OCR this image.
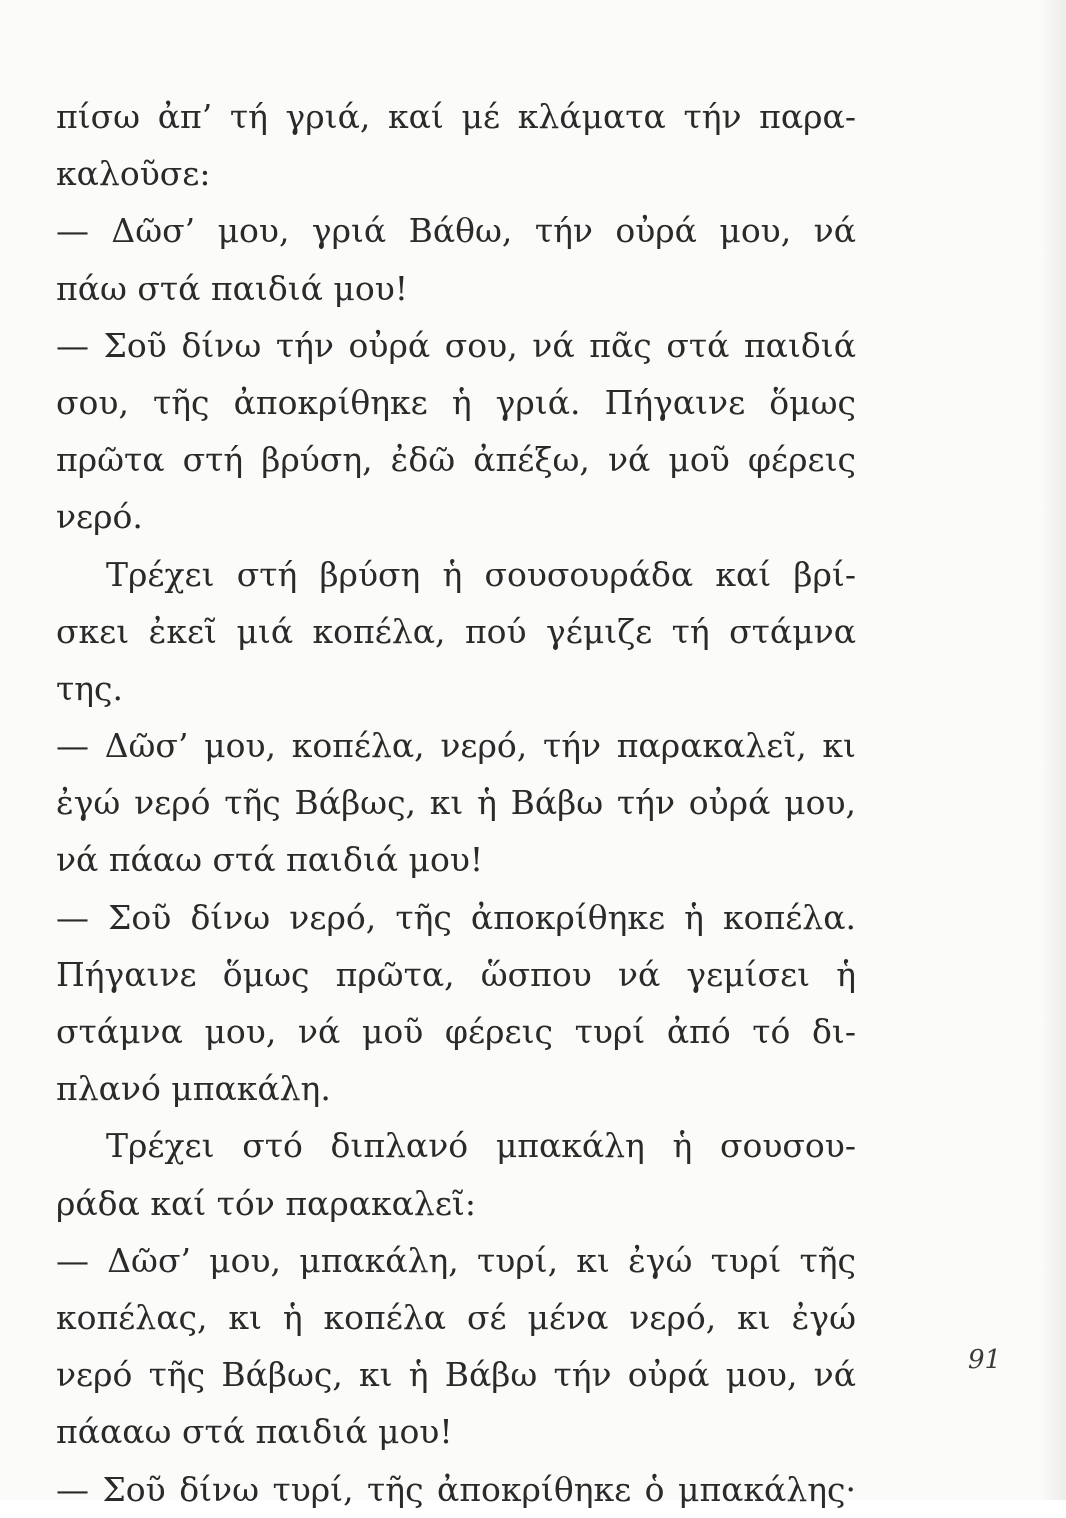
πίσω ἀπ’ τή γριά, καί μέ κλάματα τήν παρα-
καλοῦσε:
— Δῶσ’ μου, γριά Βάθω, τήν οὐρά μου, νά
πάω στά παιδιά μου!
— Σοῦ δίνω τήν οὐρά σου, νά πᾶς στά παιδιά
σου, τῆς ἀποκρίθηκε ἡ γριά. Πήγαινε ὅμως
πρῶτα στή βρύση, ἐδῶ ἀπέξω, νά μοῦ φέρεις
νερό.
Τρέχει στή βρύση ἡ σουσουράδα καί βρί-
σκει ἐκεῖ μιά κοπέλα, πού γέμιζε τή στάμνα
της.
— Δῶσ’ μου, κοπέλα, νερό, τήν παρακαλεῖ, κι
ἐγώ νερό τῆς Βάβως, κι ἡ Βάβω τήν οὐρά μου,
νά πάαω στά παιδιά μου!
— Σοῦ δίνω νερό, τῆς ἀποκρίθηκε ἡ κοπέλα.
Πήγαινε ὅμως πρῶτα, ὥσπου νά γεμίσει ἡ
στάμνα μου, νά μοῦ φέρεις τυρί ἀπό τό δι-
πλανό μπακάλη.
Τρέχει στό διπλανό μπακάλη ἡ σουσου-
ράδα καί τόν παρακαλεῖ:
— Δῶσ’ μου, μπακάλη, τυρί, κι ἐγώ τυρί τῆς
κοπέλας, κι ἡ κοπέλα σέ μένα νερό, κι ἐγώ
νερό τῆς Βάβως, κι ἡ Βάβω τήν οὐρά μου, νά
πάααω στά παιδιά μου!
— Σοῦ δίνω τυρί, τῆς ἀποκρίθηκε ὁ μπακάλης·
91
